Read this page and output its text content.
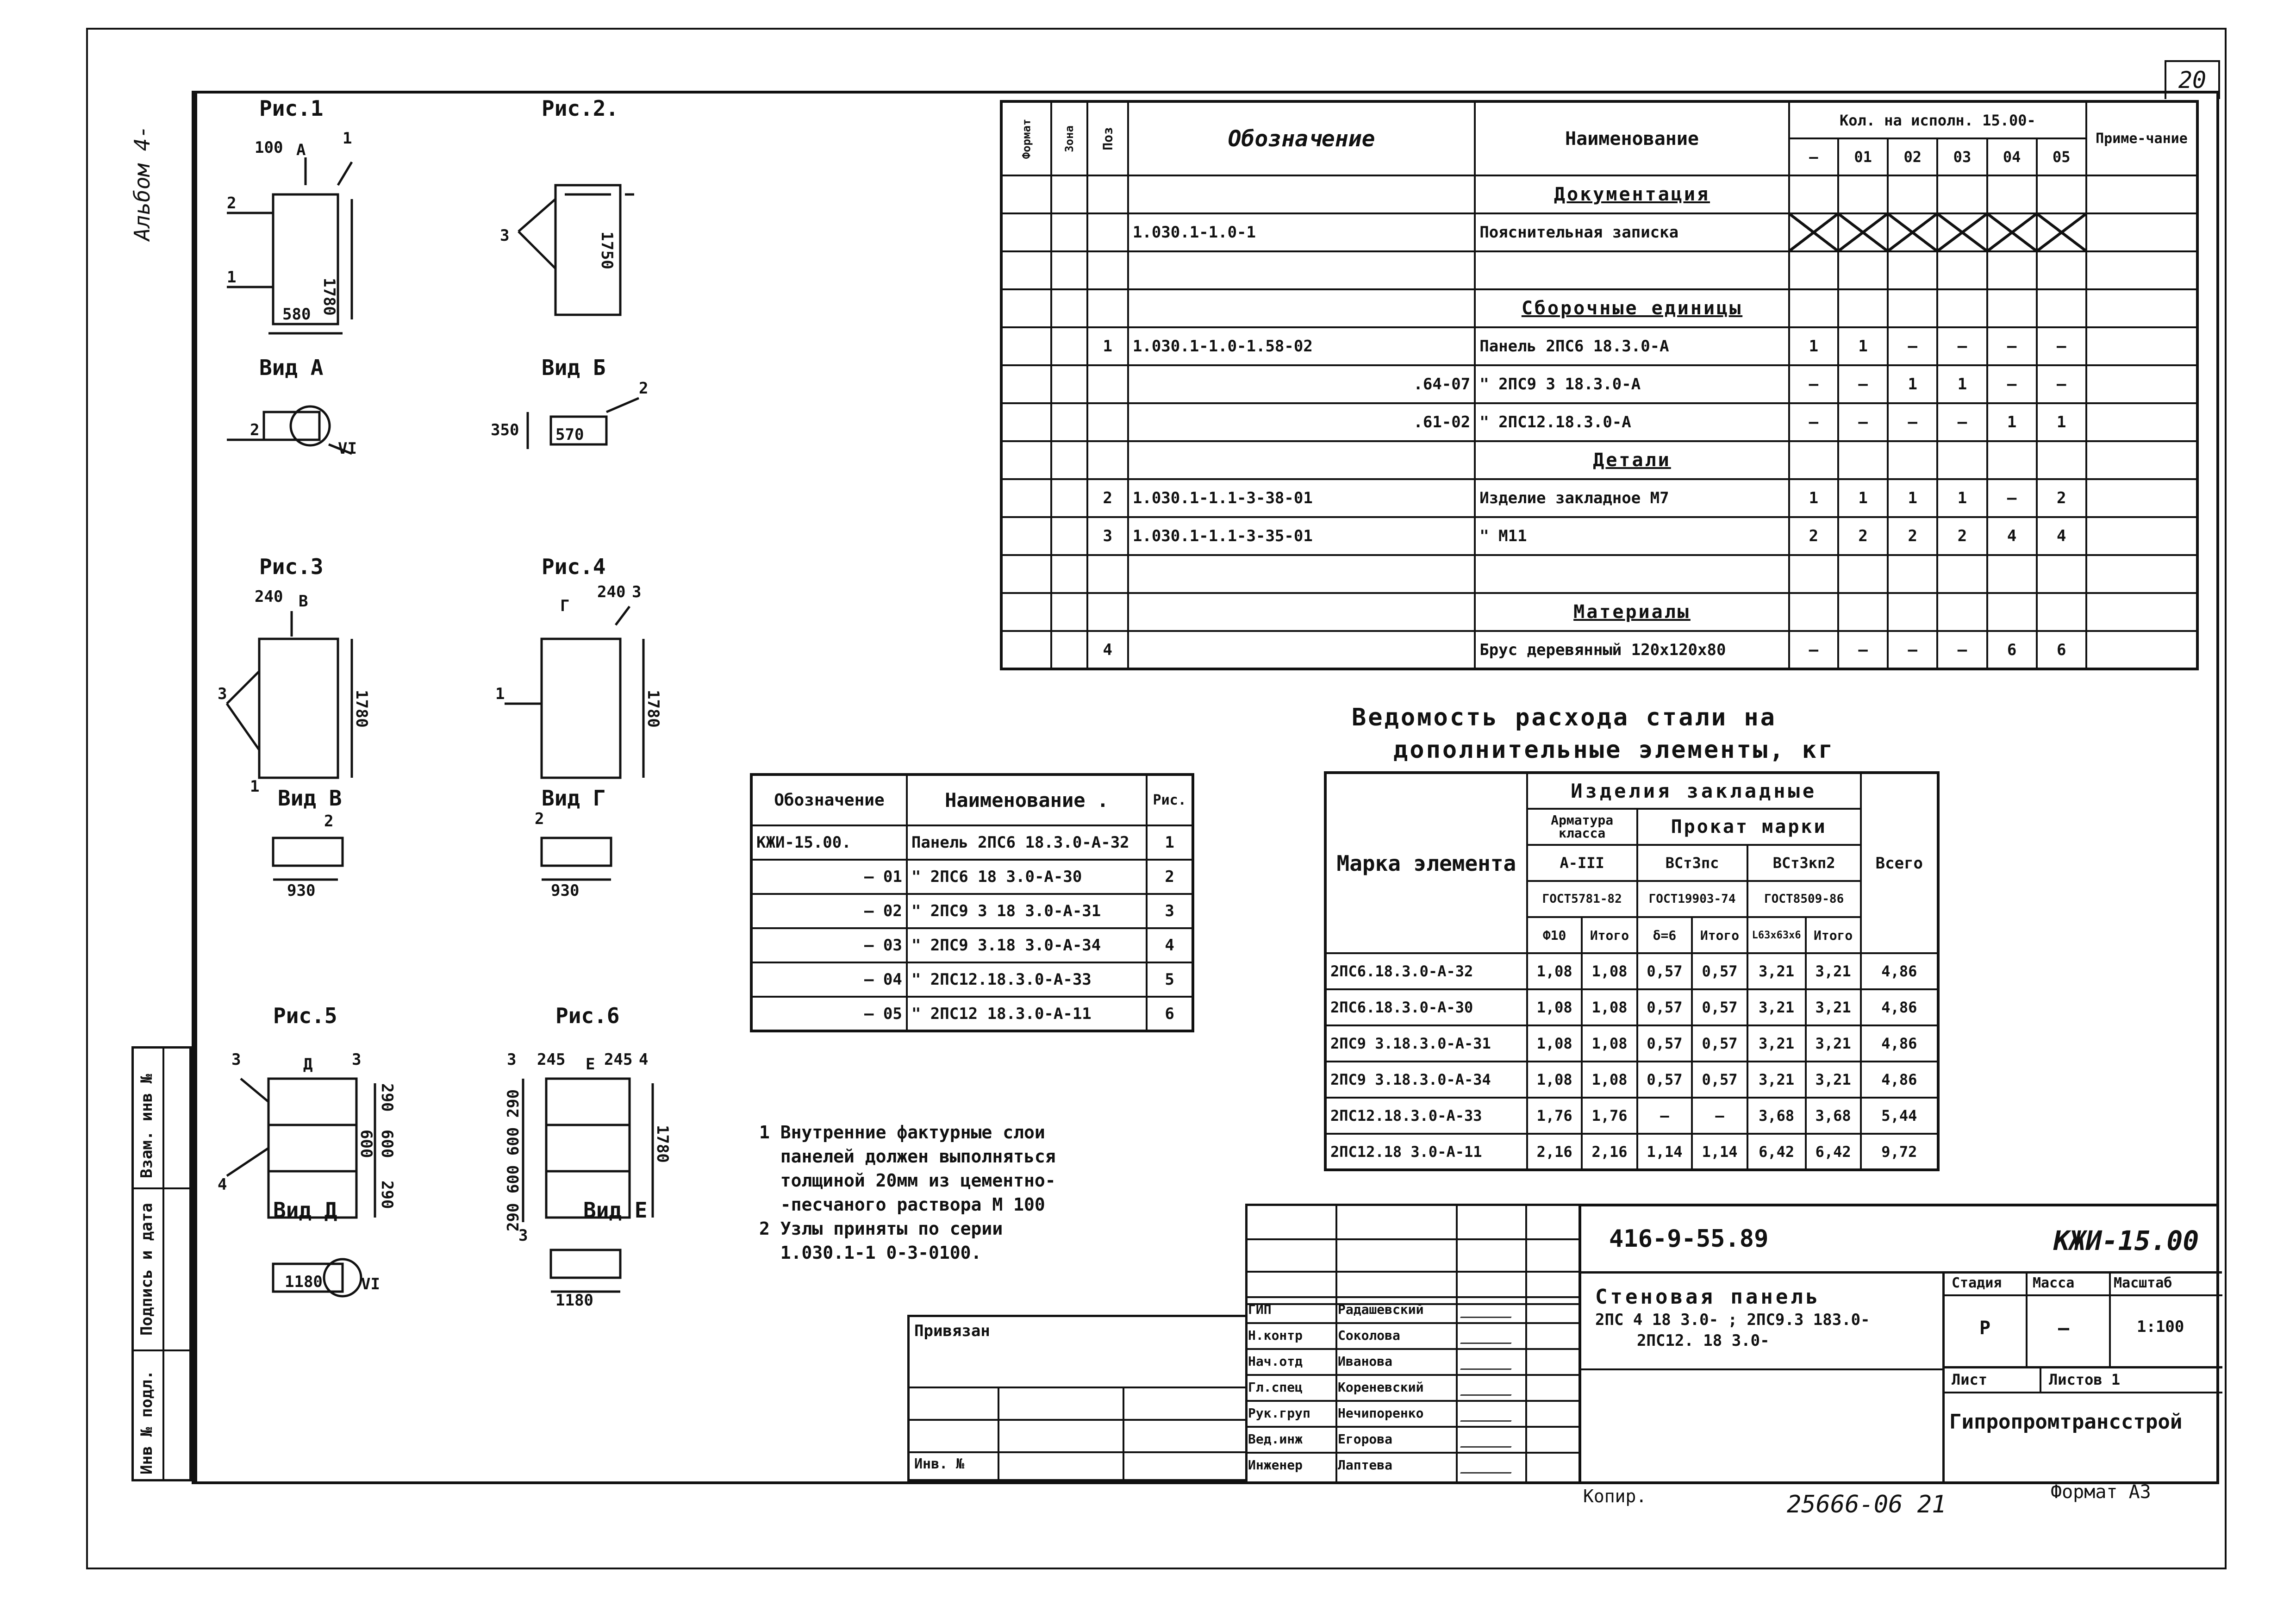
20
Альбом 4-
Инв № подл.
Подпись и дата
Взам. инв №
100 А
1
2
1780
580
1
2
VI
3	1750
350
2
570
240 В
3	1780
1
2
930
Г
240 3
1	1780
2
930
3	Д 3
4
290
600
600
290
1180 VI
3 245 Е 245 4
290 600 600 290	1780
3
1180
Рис.1
Вид А
Рис.2.
Вид Б
Рис.3
Вид В
Рис.4
Вид Г
Рис.5
Вид Д
Рис.6
Вид Е
Формат	Зона	Поз	Обозначение	Наименование	Кол. на исполн. 15.00-						Приме-чание
					—	01	02	03	04	05	
				Документация							
			1.030.1-1.0-1	Пояснительная записка							

				Сборочные единицы							
		1	1.030.1-1.0-1.58-02	Панель 2ПС6 18.3.0-А	1	1	—	—	—	—	
			.64-07	" 2ПС9 3 18.3.0-А	—	—	1	1	—	—	
			.61-02	" 2ПС12.18.3.0-А	—	—	—	—	1	1	
				Детали							
		2	1.030.1-1.1-3-38-01	Изделие закладное М7	1	1	1	1	—	2	
		3	1.030.1-1.1-3-35-01	" М11	2	2	2	2	4	4	

				Материалы							
		4		Брус деревянный 120х120х80	—	—	—	—	6	6	
Обозначение	Наименование .	Рис.
КЖИ-15.00.	Панель 2ПС6 18.3.0-А-32	1
— 01	" 2ПС6 18 3.0-А-30	2
— 02	" 2ПС9 3 18 3.0-А-31	3
— 03	" 2ПС9 3.18 3.0-А-34	4
— 04	" 2ПС12.18.3.0-А-33	5
— 05	" 2ПС12 18.3.0-А-11	6
1 Внутренние фактурные слои
панелей должен выполняться
толщиной 20мм из цементно-
-песчаного раствора М 100
2 Узлы приняты по серии
1.030.1-1 0-3-0100.
Ведомость расхода стали на
дополнительные элементы, кг
Марка элемента	Изделия закладные						Всего
	Арматура класса		Прокат марки				
	А-III		ВСт3пс		ВСт3кп2		
	ГОСТ5781-82		ГОСТ19903-74		ГОСТ8509-86		
	Ф10	Итого	δ=6	Итого	L63х63х6	Итого	
2ПС6.18.3.0-А-32	1,08	1,08	0,57	0,57	3,21	3,21	4,86
2ПС6.18.3.0-А-30	1,08	1,08	0,57	0,57	3,21	3,21	4,86
2ПС9 3.18.3.0-А-31	1,08	1,08	0,57	0,57	3,21	3,21	4,86
2ПС9 3.18.3.0-А-34	1,08	1,08	0,57	0,57	3,21	3,21	4,86
2ПС12.18.3.0-А-33	1,76	1,76	—	—	3,68	3,68	5,44
2ПС12.18 3.0-А-11	2,16	2,16	1,14	1,14	6,42	6,42	9,72
Привязан
Инв. №
ГИП	Радашевский
Н.контр	Соколова
Нач.отд	Иванова
Гл.спец	Кореневский
Рук.груп Нечипоренко
Вед.инж	Егорова
Инженер	Лаптева
416-9-55.89	КЖИ-15.00
Стеновая панель
2ПС 4 18 3.0- ; 2ПС9.3 183.0-
2ПС12. 18 3.0-
Стадия Масса	Масштаб
Р	—	1:100
Лист	Листов 1
Гипропромтрансстрой
Копир.	25666-06 21	Формат А3
